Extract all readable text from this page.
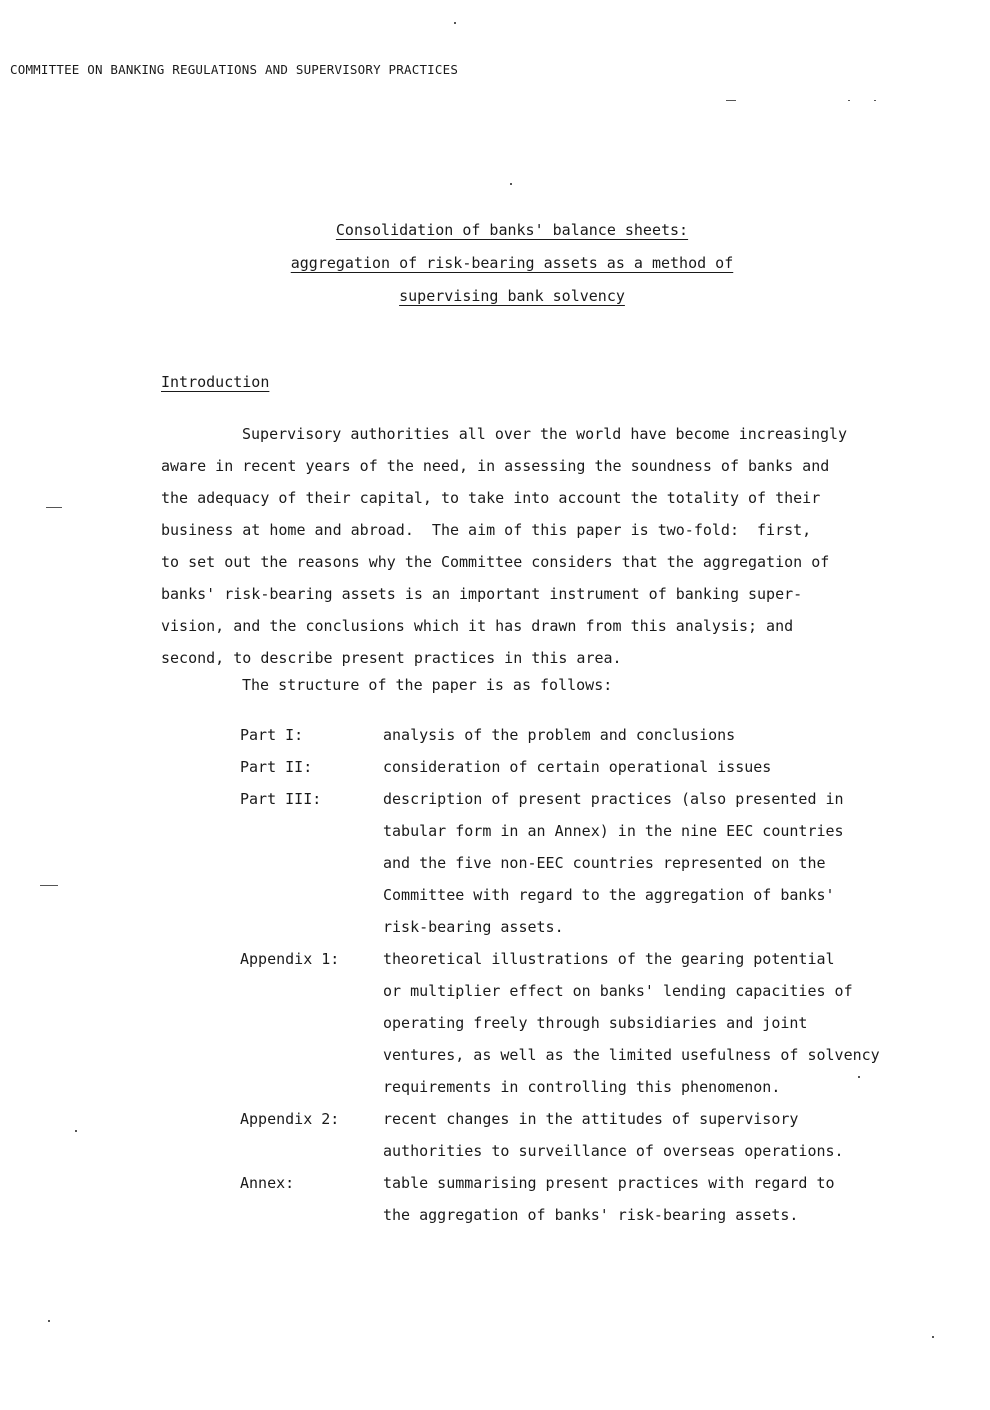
COMMITTEE ON BANKING REGULATIONS AND SUPERVISORY PRACTICES
Consolidation of banks' balance sheets:
aggregation of risk-bearing assets as a method of
supervising bank solvency
Introduction
Supervisory authorities all over the world have become increasingly
aware in recent years of the need, in assessing the soundness of banks and
the adequacy of their capital, to take into account the totality of their
business at home and abroad.  The aim of this paper is two-fold:  first,
to set out the reasons why the Committee considers that the aggregation of
banks' risk-bearing assets is an important instrument of banking super-
vision, and the conclusions which it has drawn from this analysis; and
second, to describe present practices in this area.
The structure of the paper is as follows:
Part I:	analysis of the problem and conclusions
Part II:	consideration of certain operational issues
Part III:	description of present practices (also presented in
tabular form in an Annex) in the nine EEC countries
and the five non-EEC countries represented on the
Committee with regard to the aggregation of banks'
risk-bearing assets.
Appendix 1:	theoretical illustrations of the gearing potential
or multiplier effect on banks' lending capacities of
operating freely through subsidiaries and joint
ventures, as well as the limited usefulness of solvency
requirements in controlling this phenomenon.
Appendix 2:	recent changes in the attitudes of supervisory
authorities to surveillance of overseas operations.
Annex:	table summarising present practices with regard to
the aggregation of banks' risk-bearing assets.
